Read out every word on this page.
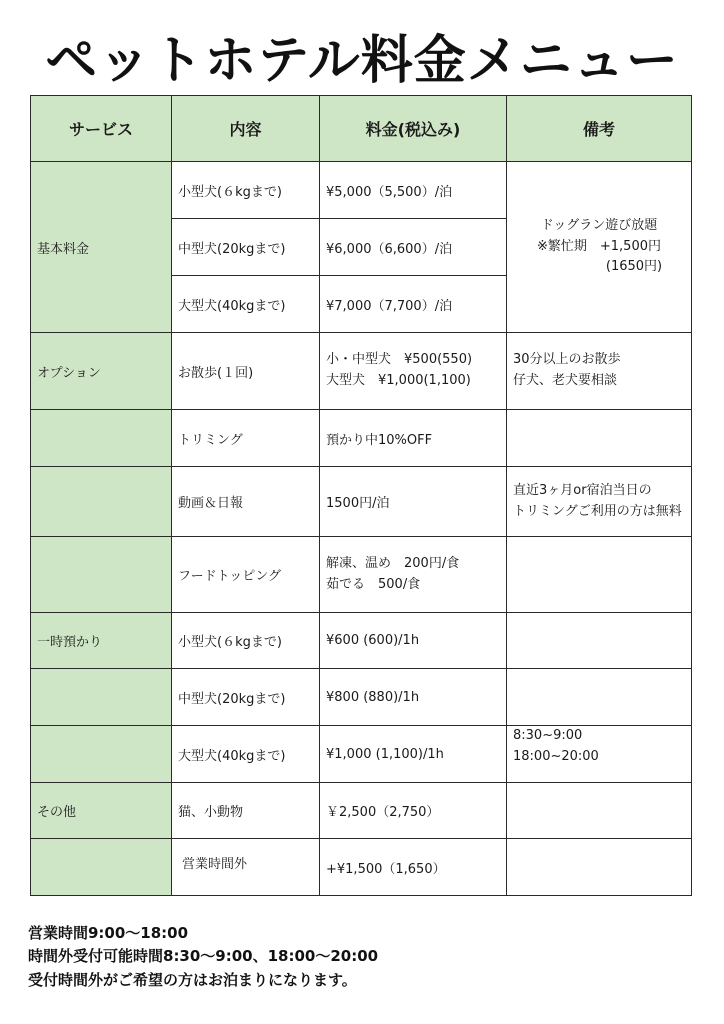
ペットホテル料金メニュー
サービス	内容	料金(税込み)	備考
基本料金	小型犬(６kgまで)	¥5,000（5,500）/泊	ドッグラン遊び放題
※繁忙期　+1,500円
(1650円)

	中型犬(20kgまで)	¥6,000（6,600）/泊	
	大型犬(40kgまで)	¥7,000（7,700）/泊	
オプション	お散歩(１回)	小・中型犬　¥500(550)
大型犬　¥1,000(1,100)	30分以上のお散歩
仔犬、老犬要相談

	トリミング	預かり中10%OFF	
	動画＆日報	1500円/泊	直近3ヶ月or宿泊当日の
トリミングご利用の方は無料

	フードトッピング	解凍、温め　200円/食
茹でる　500/食	

一時預かり	小型犬(６kgまで)	¥600 (600)/1h	
	中型犬(20kgまで)	¥800 (880)/1h	
	大型犬(40kgまで)	¥1,000 (1,100)/1h	8:30~9:00
18:00~20:00

その他	猫、小動物	￥2,500（2,750）	
	営業時間外	+¥1,500（1,650）	
営業時間9:00～18:00
時間外受付可能時間8:30～9:00、18:00～20:00
受付時間外がご希望の方はお泊まりになります。
